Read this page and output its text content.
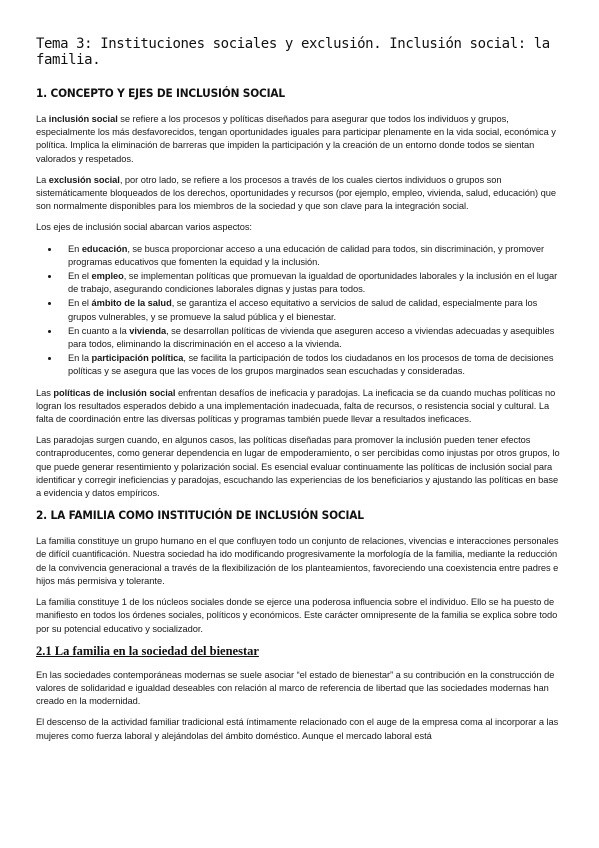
Tema 3: Instituciones sociales y exclusión. Inclusión social: la familia.
1. CONCEPTO Y EJES DE INCLUSIÓN SOCIAL

La inclusión social se refiere a los procesos y políticas diseñados para asegurar que todos los individuos y grupos, especialmente los más desfavorecidos, tengan oportunidades iguales para participar plenamente en la vida social, económica y política. Implica la eliminación de barreras que impiden la participación y la creación de un entorno donde todos se sientan valorados y respetados.

La exclusión social, por otro lado, se refiere a los procesos a través de los cuales ciertos individuos o grupos son sistemáticamente bloqueados de los derechos, oportunidades y recursos (por ejemplo, empleo, vivienda, salud, educación) que son normalmente disponibles para los miembros de la sociedad y que son clave para la integración social.

Los ejes de inclusión social abarcan varios aspectos:

• En educación, se busca proporcionar acceso a una educación de calidad para todos, sin discriminación, y promover programas educativos que fomenten la equidad y la inclusión.
• En el empleo, se implementan políticas que promuevan la igualdad de oportunidades laborales y la inclusión en el lugar de trabajo, asegurando condiciones laborales dignas y justas para todos.
• En el ámbito de la salud, se garantiza el acceso equitativo a servicios de salud de calidad, especialmente para los grupos vulnerables, y se promueve la salud pública y el bienestar.
• En cuanto a la vivienda, se desarrollan políticas de vivienda que aseguren acceso a viviendas adecuadas y asequibles para todos, eliminando la discriminación en el acceso a la vivienda.
• En la participación política, se facilita la participación de todos los ciudadanos en los procesos de toma de decisiones políticas y se asegura que las voces de los grupos marginados sean escuchadas y consideradas.

Las políticas de inclusión social enfrentan desafíos de ineficacia y paradojas. La ineficacia se da cuando muchas políticas no logran los resultados esperados debido a una implementación inadecuada, falta de recursos, o resistencia social y cultural. La falta de coordinación entre las diversas políticas y programas también puede llevar a resultados ineficaces.

Las paradojas surgen cuando, en algunos casos, las políticas diseñadas para promover la inclusión pueden tener efectos contraproducentes, como generar dependencia en lugar de empoderamiento, o ser percibidas como injustas por otros grupos, lo que puede generar resentimiento y polarización social. Es esencial evaluar continuamente las políticas de inclusión social para identificar y corregir ineficiencias y paradojas, escuchando las experiencias de los beneficiarios y ajustando las políticas en base a evidencia y datos empíricos.

2. LA FAMILIA COMO INSTITUCIÓN DE INCLUSIÓN SOCIAL

La familia constituye un grupo humano en el que confluyen todo un conjunto de relaciones, vivencias e interacciones personales de difícil cuantificación. Nuestra sociedad ha ido modificando progresivamente la morfología de la familia, mediante la reducción de la convivencia generacional a través de la flexibilización de los planteamientos, favoreciendo una coexistencia entre padres e hijos más permisiva y tolerante.

La familia constituye 1 de los núcleos sociales donde se ejerce una poderosa influencia sobre el individuo. Ello se ha puesto de manifiesto en todos los órdenes sociales, políticos y económicos. Este carácter omnipresente de la familia se explica sobre todo por su potencial educativo y socializador.

2.1 La familia en la sociedad del bienestar

En las sociedades contemporáneas modernas se suele asociar “el estado de bienestar” a su contribución en la construcción de valores de solidaridad e igualdad deseables con relación al marco de referencia de libertad que las sociedades modernas han creado en la modernidad.

El descenso de la actividad familiar tradicional está íntimamente relacionado con el auge de la empresa coma al incorporar a las mujeres como fuerza laboral y alejándolas del ámbito doméstico. Aunque el mercado laboral está
